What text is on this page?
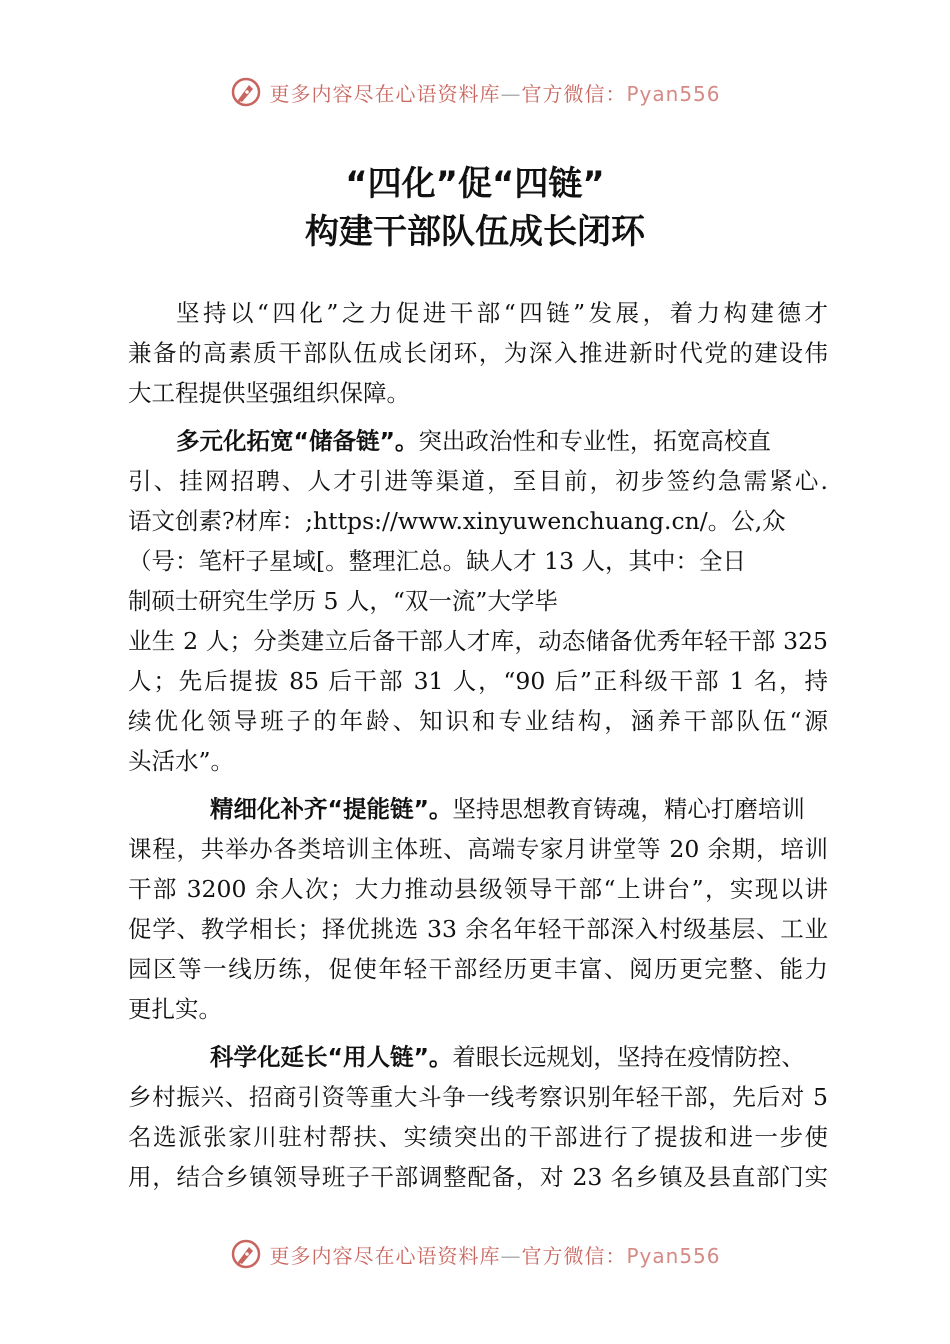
更多内容尽在心语资料库—官方微信：Pyan556
“四化”促“四链”
构建干部队伍成长闭环
坚持以“四化”之力促进干部“四链”发展，着力构建德才
兼备的高素质干部队伍成长闭环，为深入推进新时代党的建设伟
大工程提供坚强组织保障。
多元化拓宽“储备链”。突出政治性和专业性，拓宽高校直
引、挂网招聘、人才引进等渠道，至目前，初步签约急需紧心.
语文创素?材库：;https://www.xinyuwenchuang.cn/。公,众
（号：笔杆子星域[。整理汇总。缺人才 13 人，其中：全日
制硕士研究生学历 5 人，“双一流”大学毕
业生 2 人；分类建立后备干部人才库，动态储备优秀年轻干部 325
人；先后提拔 85 后干部 31 人，“90 后”正科级干部 1 名，持
续优化领导班子的年龄、知识和专业结构，涵养干部队伍“源
头活水”。
精细化补齐“提能链”。坚持思想教育铸魂，精心打磨培训
课程，共举办各类培训主体班、高端专家月讲堂等 20 余期，培训
干部 3200 余人次；大力推动县级领导干部“上讲台”，实现以讲
促学、教学相长；择优挑选 33 余名年轻干部深入村级基层、工业
园区等一线历练，促使年轻干部经历更丰富、阅历更完整、能力
更扎实。
科学化延长“用人链”。着眼长远规划，坚持在疫情防控、
乡村振兴、招商引资等重大斗争一线考察识别年轻干部，先后对 5
名选派张家川驻村帮扶、实绩突出的干部进行了提拔和进一步使
用，结合乡镇领导班子干部调整配备，对 23 名乡镇及县直部门实
更多内容尽在心语资料库—官方微信：Pyan556
